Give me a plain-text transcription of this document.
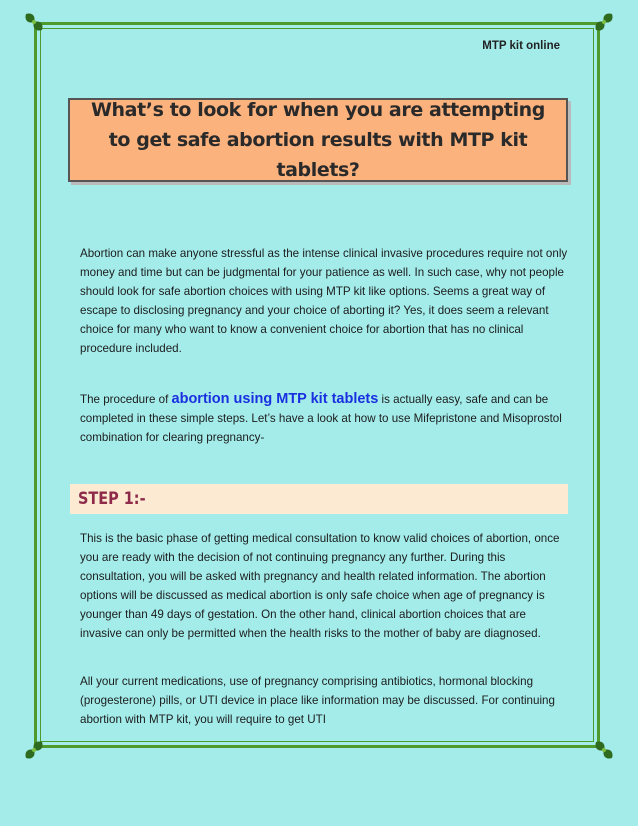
MTP kit online
What’s to look for when you are attempting to get safe abortion results with MTP kit tablets?

Abortion can make anyone stressful as the intense clinical invasive procedures require not only money and time but can be judgmental for your patience as well. In such case, why not people should look for safe abortion choices with using MTP kit like options. Seems a great way of escape to disclosing pregnancy and your choice of aborting it? Yes, it does seem a relevant choice for many who want to know a convenient choice for abortion that has no clinical procedure included.

The procedure of abortion using MTP kit tablets is actually easy, safe and can be completed in these simple steps. Let’s have a look at how to use Mifepristone and Misoprostol combination for clearing pregnancy-

STEP 1:-

This is the basic phase of getting medical consultation to know valid choices of abortion, once you are ready with the decision of not continuing pregnancy any further. During this consultation, you will be asked with pregnancy and health related information. The abortion options will be discussed as medical abortion is only safe choice when age of pregnancy is younger than 49 days of gestation. On the other hand, clinical abortion choices that are invasive can only be permitted when the health risks to the mother of baby are diagnosed.

All your current medications, use of pregnancy comprising antibiotics, hormonal blocking (progesterone) pills, or UTI device in place like information may be discussed. For continuing abortion with MTP kit, you will require to get UTI
